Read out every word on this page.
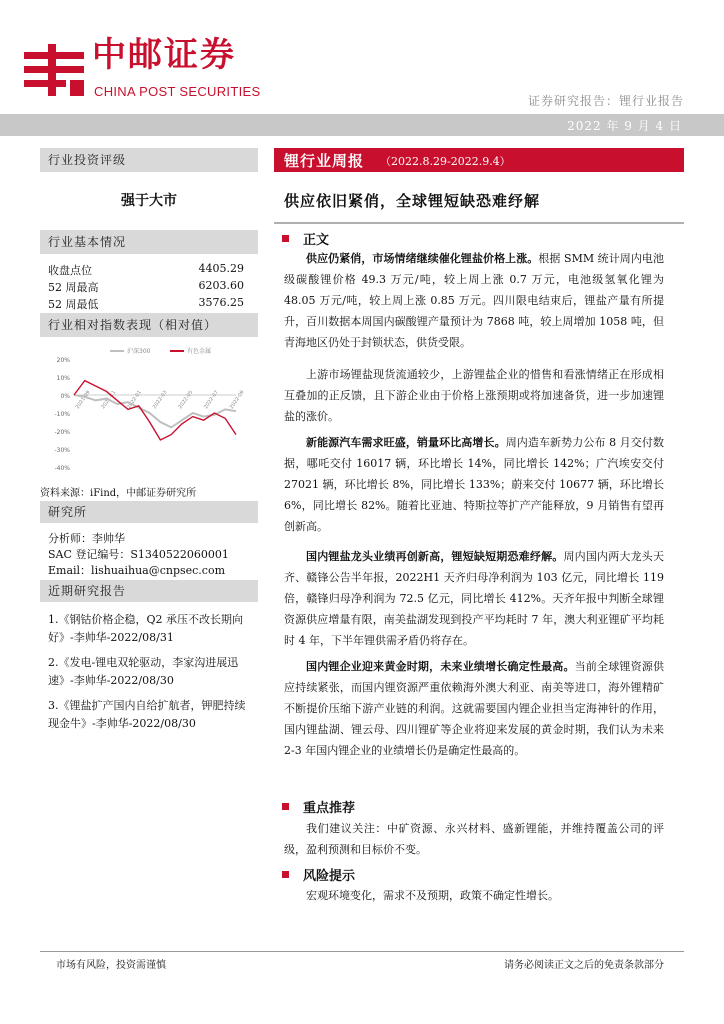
中邮证券
CHINA POST SECURITIES
证券研究报告：锂行业报告
2022 年 9 月 4 日
行业投资评级
强于大市
行业基本情况
收盘点位	4405.29
52 周最高	6203.60
52 周最低	3576.25
行业相对指数表现（相对值）
20%
10%
0%
-10%
-20%
-30%
-40%
2021-09 2021-11 2022-01 2022-03 2022-05 2022-07 2022-09
沪深300	有色金属
资料来源：iFind，中邮证券研究所
研究所
分析师：李帅华
SAC 登记编号：S1340522060001
Email：lishuaihua@cnpsec.com
近期研究报告
1.《钢钴价格企稳，Q2 承压不改长期向好》-李帅华-2022/08/31
2.《发电-锂电双轮驱动，李家沟进展迅速》-李帅华-2022/08/30
3.《锂盐扩产国内自给扩航者，钾肥持续现金牛》-李帅华-2022/08/30
锂行业周报 （2022.8.29-2022.9.4）
供应依旧紧俏，全球锂短缺恐难纾解
正文

供应仍紧俏，市场情绪继续催化锂盐价格上涨。根据 SMM 统计周内电池级碳酸锂价格 49.3 万元/吨，较上周上涨 0.7 万元，电池级氢氧化锂为 48.05 万元/吨，较上周上涨 0.85 万元。四川限电结束后，锂盐产量有所提升，百川数据本周国内碳酸锂产量预计为 7868 吨，较上周增加 1058 吨，但青海地区仍处于封锁状态，供货受限。

上游市场锂盐现货流通较少，上游锂盐企业的惜售和看涨情绪正在形成相互叠加的正反馈，且下游企业由于价格上涨预期或将加速备货，进一步加速锂盐的涨价。

新能源汽车需求旺盛，销量环比高增长。周内造车新势力公布 8 月交付数据，哪吒交付 16017 辆，环比增长 14%，同比增长 142%；广汽埃安交付 27021 辆，环比增长 8%，同比增长 133%；蔚来交付 10677 辆，环比增长 6%，同比增长 82%。随着比亚迪、特斯拉等扩产产能释放，9 月销售有望再创新高。

国内锂盐龙头业绩再创新高，锂短缺短期恐难纾解。周内国内两大龙头天齐、赣锋公告半年报，2022H1 天齐归母净利润为 103 亿元，同比增长 119 倍，赣锋归母净利润为 72.5 亿元，同比增长 412%。天齐年报中判断全球锂资源供应增量有限，南美盐湖发现到投产平均耗时 7 年，澳大利亚锂矿平均耗时 4 年，下半年锂供需矛盾仍将存在。

国内锂企业迎来黄金时期，未来业绩增长确定性最高。当前全球锂资源供应持续紧张，而国内锂资源严重依赖海外澳大利亚、南美等进口，海外锂精矿不断提价压缩下游产业链的利润。这就需要国内锂企业担当定海神针的作用，国内锂盐湖、锂云母、四川锂矿等企业将迎来发展的黄金时期，我们认为未来 2-3 年国内锂企业的业绩增长仍是确定性最高的。

重点推荐

我们建议关注：中矿资源、永兴材料、盛新锂能，并维持覆盖公司的评级，盈利预测和目标价不变。

风险提示

宏观环境变化，需求不及预期，政策不确定性增长。

市场有风险，投资需谨慎	请务必阅读正文之后的免责条款部分
